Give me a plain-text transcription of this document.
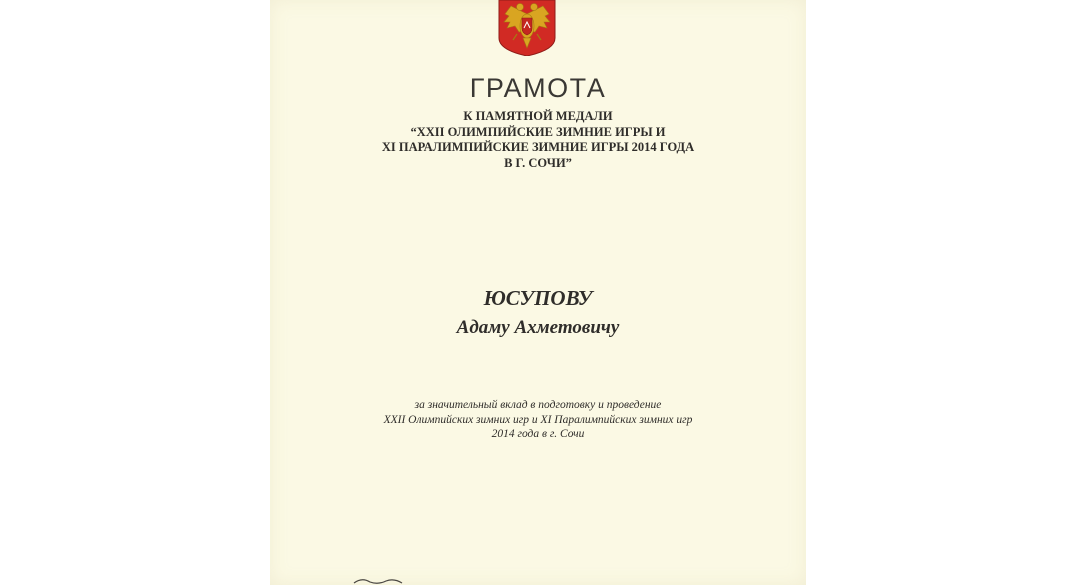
ГРАМОТА
К ПАМЯТНОЙ МЕДАЛИ
“XXII ОЛИМПИЙСКИЕ ЗИМНИЕ ИГРЫ И
XI ПАРАЛИМПИЙСКИЕ ЗИМНИЕ ИГРЫ 2014 ГОДА
В Г. СОЧИ”
ЮСУПОВУ
Адаму Ахметовичу
за значительный вклад в подготовку и проведение
XXII Олимпийских зимних игр и XI Паралимпийских зимних игр
2014 года в г. Сочи
